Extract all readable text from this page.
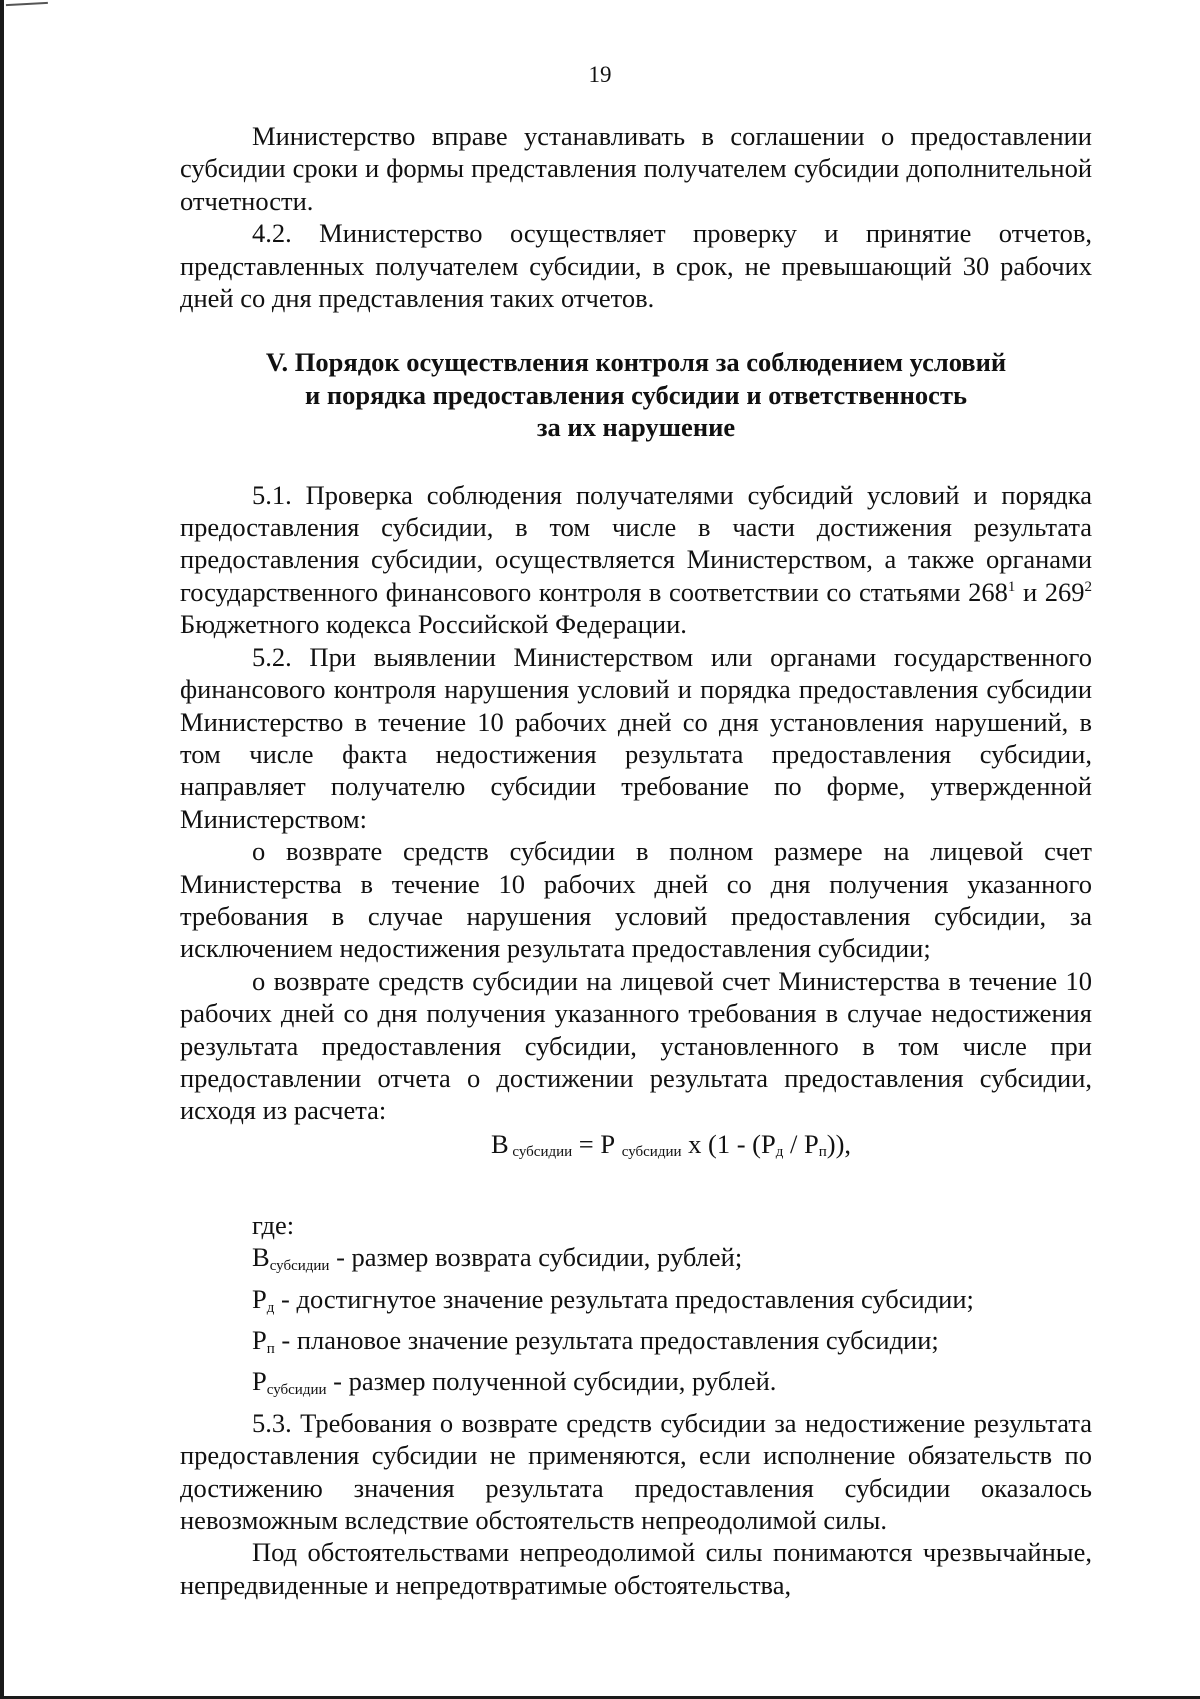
19

Министерство вправе устанавливать в соглашении о предоставлении субсидии сроки и формы представления получателем субсидии дополнительной отчетности.

4.2. Министерство осуществляет проверку и принятие отчетов, представленных получателем субсидии, в срок, не превышающий 30 рабочих дней со дня представления таких отчетов.

V. Порядок осуществления контроля за соблюдением условий
и порядка предоставления субсидии и ответственность
за их нарушение

5.1. Проверка соблюдения получателями субсидий условий и порядка предоставления субсидии, в том числе в части достижения результата предоставления субсидии, осуществляется Министерством, а также органами государственного финансового контроля в соответствии со статьями $268^1$ и $269^2$ Бюджетного кодекса Российской Федерации.

5.2. При выявлении Министерством или органами государственного финансового контроля нарушения условий и порядка предоставления субсидии Министерство в течение 10 рабочих дней со дня установления нарушений, в том числе факта недостижения результата предоставления субсидии, направляет получателю субсидии требование по форме, утвержденной Министерством:

о возврате средств субсидии в полном размере на лицевой счет Министерства в течение 10 рабочих дней со дня получения указанного требования в случае нарушения условий предоставления субсидии, за исключением недостижения результата предоставления субсидии;

о возврате средств субсидии на лицевой счет Министерства в течение 10 рабочих дней со дня получения указанного требования в случае недостижения результата предоставления субсидии, установленного в том числе при предоставлении отчета о достижении результата предоставления субсидии, исходя из расчета:

В $_{субсидии}$ = Р $_{субсидии}$ х $(1 - (Р_д / Р_п))$,

где:

$В_{субсидии}$ - размер возврата субсидии, рублей;

$Р_д$ - достигнутое значение результата предоставления субсидии;

$Р_п$ - плановое значение результата предоставления субсидии;

$Р_{субсидии}$ - размер полученной субсидии, рублей.

5.3. Требования о возврате средств субсидии за недостижение результата предоставления субсидии не применяются, если исполнение обязательств по достижению значения результата предоставления субсидии оказалось невозможным вследствие обстоятельств непреодолимой силы.

Под обстоятельствами непреодолимой силы понимаются чрезвычайные, непредвиденные и непредотвратимые обстоятельства,
